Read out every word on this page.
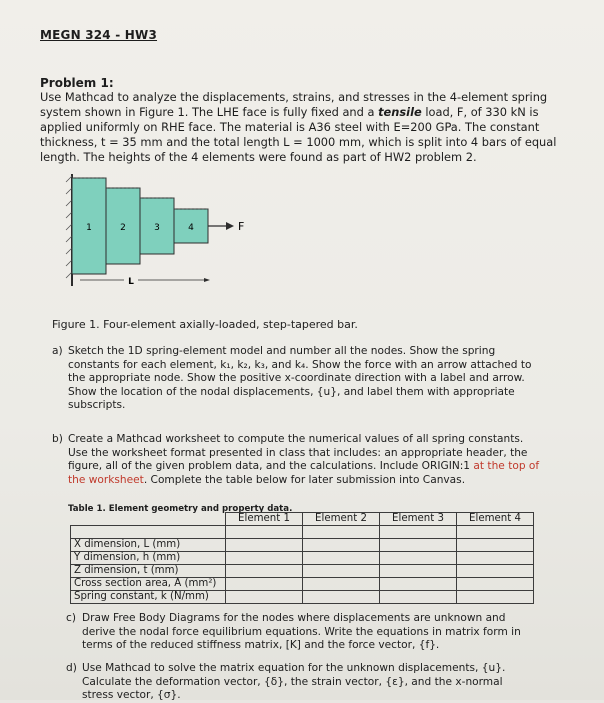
MEGN 324 - HW3
Problem 1:
Use Mathcad to analyze the displacements, strains, and stresses in the 4-element spring system shown in Figure 1. The LHE face is fully fixed and a tensile load, F, of 330 kN is applied uniformly on RHE face. The material is A36 steel with E=200 GPa. The constant thickness, t = 35 mm and the total length L = 1000 mm, which is split into 4 bars of equal length. The heights of the 4 elements were found as part of HW2 problem 2.
1	2	3	4	F
L
Figure 1. Four-element axially-loaded, step-tapered bar.
a) Sketch the 1D spring-element model and number all the nodes. Show the spring constants for each element, k₁, k₂, k₃, and k₄. Show the force with an arrow attached to the appropriate node. Show the positive x-coordinate direction with a label and arrow. Show the location of the nodal displacements, {u}, and label them with appropriate subscripts.
b) Create a Mathcad worksheet to compute the numerical values of all spring constants. Use the worksheet format presented in class that includes: an appropriate header, the figure, all of the given problem data, and the calculations. Include ORIGIN:1 at the top of the worksheet. Complete the table below for later submission into Canvas.
Table 1. Element geometry and property data.
	Element 1	Element 2	Element 3	Element 4

X dimension, L (mm)				
Y dimension, h (mm)				
Z dimension, t (mm)				
Cross section area, A (mm²)				
Spring constant, k (N/mm)				
c) Draw Free Body Diagrams for the nodes where displacements are unknown and derive the nodal force equilibrium equations. Write the equations in matrix form in terms of the reduced stiffness matrix, [K] and the force vector, {f}.
d) Use Mathcad to solve the matrix equation for the unknown displacements, {u}. Calculate the deformation vector, {δ}, the strain vector, {ε}, and the x-normal stress vector, {σ}.
